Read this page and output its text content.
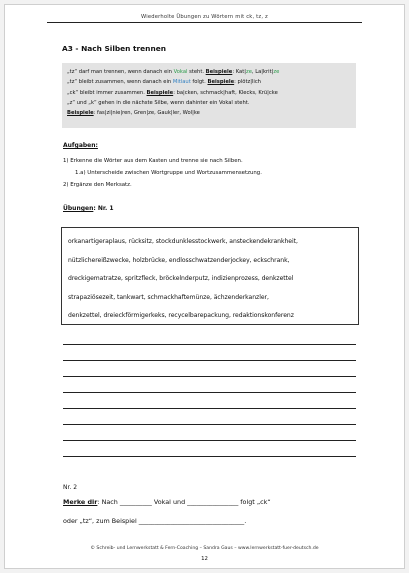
Wiederholte Übungen zu Wörtern mit ck, tz, z
A3 - Nach Silben trennen
„tz“ darf man trennen, wenn danach ein Vokal steht. Beispiele: Kat|ze, La|krit|ze
„tz“ bleibt zusammen, wenn danach ein Mitlaut folgt. Beispiele: plötz|lich
„ck“ bleibt immer zusammen. Beispiele: ba|cken, schmack|haft, Klecks, Krü|cke
„z“ und „k“ gehen in die nächste Silbe, wenn dahinter ein Vokal steht.
Beispiele: fas|zi|nie|ren, Gren|ze, Gauk|ler, Wol|ke
Aufgaben:
1) Erkenne die Wörter aus dem Kasten und trenne sie nach Silben.
1.a) Unterscheide zwischen Wortgruppe und Wortzusammensetzung.
2) Ergänze den Merksatz.
Übungen: Nr. 1
orkanartigeraplaus, rücksitz, stockdunklesstockwerk, ansteckendekrankheit,
nützlichereißzwecke, holzbrücke, endlosschwatzenderjockey, eckschrank,
dreckigematratze, spritzfleck, bröckelnderputz, indizienprozess, denkzettel
strapaziösezeit, tankwart, schmackhaftemünze, ächzenderkanzler,
denkzettel, dreieckförmigerkeks, recycelbarepackung, redaktionskonferenz
Nr. 2
Merke dir: Nach __________ Vokal und ________________ folgt „ck“
oder „tz“, zum Beispiel _________________________________.
© Schreib- und Lernwerkstatt & Fern-Coaching – Sandra Gaus – www.lernwerkstatt-fuer-deutsch.de
12
